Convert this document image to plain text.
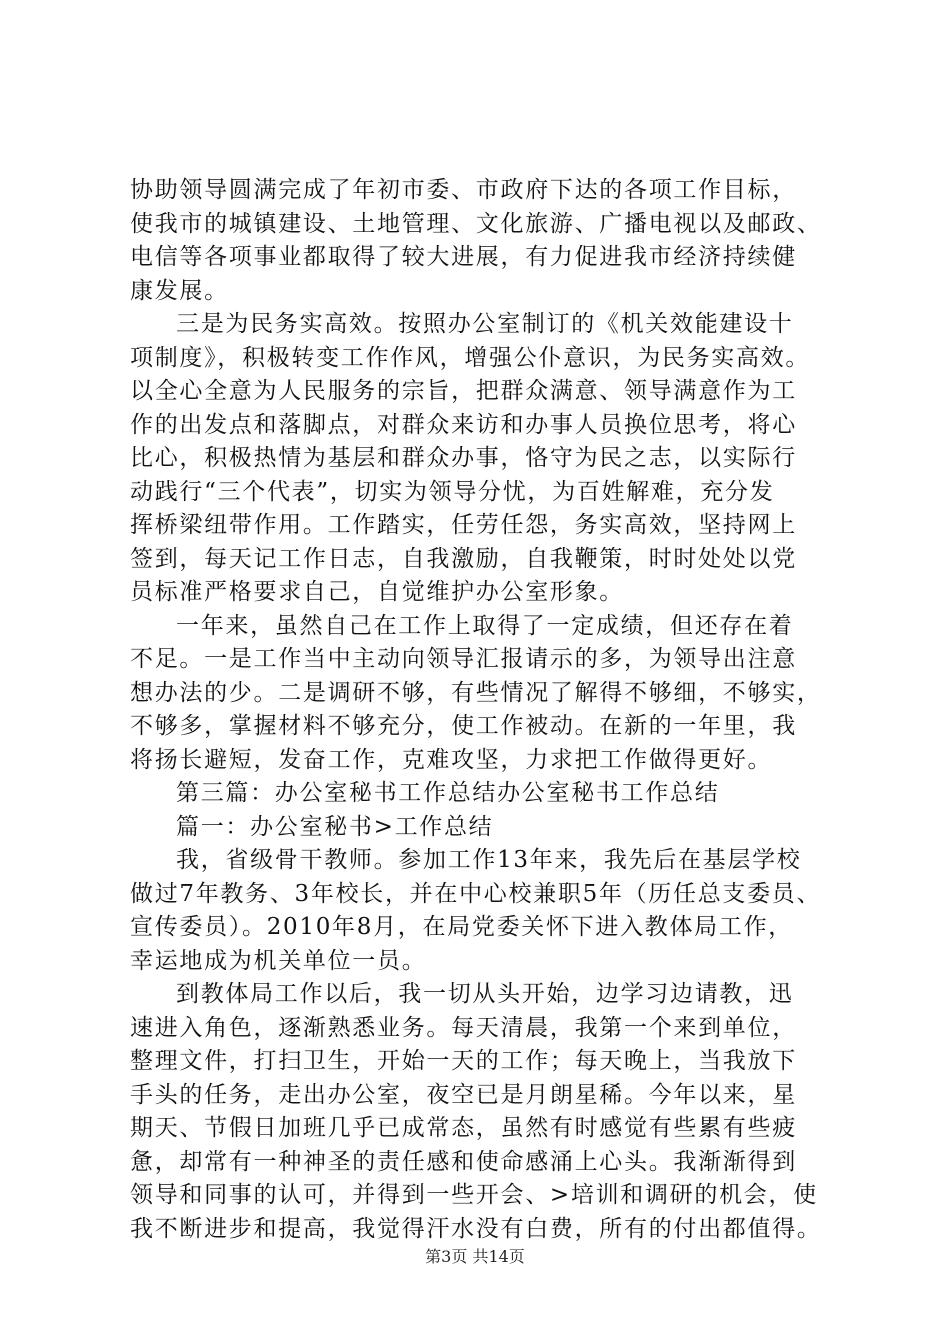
协助领导圆满完成了年初市委、市政府下达的各项工作目标，
使我市的城镇建设、土地管理、文化旅游、广播电视以及邮政、
电信等各项事业都取得了较大进展，有力促进我市经济持续健
康发展。
三是为民务实高效。按照办公室制订的《机关效能建设十
项制度》，积极转变工作作风，增强公仆意识，为民务实高效。
以全心全意为人民服务的宗旨，把群众满意、领导满意作为工
作的出发点和落脚点，对群众来访和办事人员换位思考，将心
比心，积极热情为基层和群众办事，恪守为民之志，以实际行
动践行“三个代表”，切实为领导分忧，为百姓解难，充分发
挥桥梁纽带作用。工作踏实，任劳任怨，务实高效，坚持网上
签到，每天记工作日志，自我激励，自我鞭策，时时处处以党
员标准严格要求自己，自觉维护办公室形象。
一年来，虽然自己在工作上取得了一定成绩，但还存在着
不足。一是工作当中主动向领导汇报请示的多，为领导出注意
想办法的少。二是调研不够，有些情况了解得不够细，不够实，
不够多，掌握材料不够充分，使工作被动。在新的一年里，我
将扬长避短，发奋工作，克难攻坚，力求把工作做得更好。
第三篇：办公室秘书工作总结办公室秘书工作总结
篇一：办公室秘书>工作总结
我，省级骨干教师。参加工作13年来，我先后在基层学校
做过7年教务、3年校长，并在中心校兼职5年（历任总支委员、
宣传委员）。2010年8月，在局党委关怀下进入教体局工作，
幸运地成为机关单位一员。
到教体局工作以后，我一切从头开始，边学习边请教，迅
速进入角色，逐渐熟悉业务。每天清晨，我第一个来到单位，
整理文件，打扫卫生，开始一天的工作；每天晚上，当我放下
手头的任务，走出办公室，夜空已是月朗星稀。今年以来，星
期天、节假日加班几乎已成常态，虽然有时感觉有些累有些疲
惫，却常有一种神圣的责任感和使命感涌上心头。我渐渐得到
领导和同事的认可，并得到一些开会、>培训和调研的机会，使
我不断进步和提高，我觉得汗水没有白费，所有的付出都值得。
第3页 共14页
